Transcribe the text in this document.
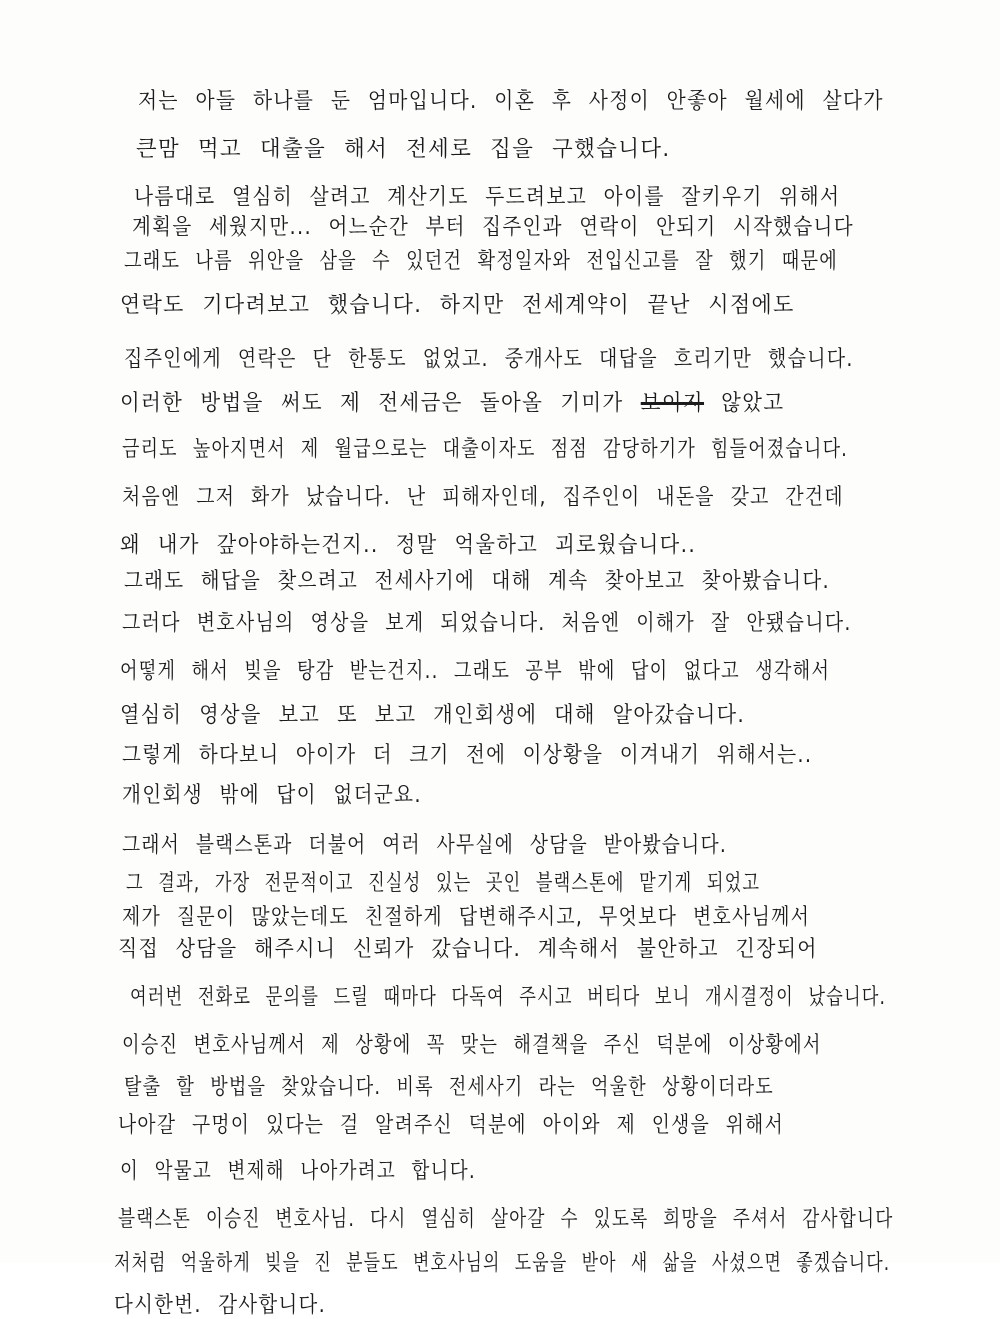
저는 아들 하나를 둔 엄마입니다. 이혼 후 사정이 안좋아 월세에 살다가
큰맘 먹고 대출을 해서 전세로 집을 구했습니다.
나름대로 열심히 살려고 계산기도 두드려보고 아이를 잘키우기 위해서
계획을 세웠지만... 어느순간 부터 집주인과 연락이 안되기 시작했습니다
그래도 나름 위안을 삼을 수 있던건 확정일자와 전입신고를 잘 했기 때문에
연락도 기다려보고 했습니다. 하지만 전세계약이 끝난 시점에도
집주인에게 연락은 단 한통도 없었고. 중개사도 대답을 흐리기만 했습니다.
이러한 방법을 써도 제 전세금은 돌아올 기미가 보이지 않았고
금리도 높아지면서 제 월급으로는 대출이자도 점점 감당하기가 힘들어졌습니다.
처음엔 그저 화가 났습니다. 난 피해자인데, 집주인이 내돈을 갖고 간건데
왜 내가 갚아야하는건지.. 정말 억울하고 괴로웠습니다..
그래도 해답을 찾으려고 전세사기에 대해 계속 찾아보고 찾아봤습니다.
그러다 변호사님의 영상을 보게 되었습니다. 처음엔 이해가 잘 안됐습니다.
어떻게 해서 빚을 탕감 받는건지.. 그래도 공부 밖에 답이 없다고 생각해서
열심히 영상을 보고 또 보고 개인회생에 대해 알아갔습니다.
그렇게 하다보니 아이가 더 크기 전에 이상황을 이겨내기 위해서는..
개인회생 밖에 답이 없더군요.
그래서 블랙스톤과 더불어 여러 사무실에 상담을 받아봤습니다.
그 결과, 가장 전문적이고 진실성 있는 곳인 블랙스톤에 맡기게 되었고
제가 질문이 많았는데도 친절하게 답변해주시고, 무엇보다 변호사님께서
직접 상담을 해주시니 신뢰가 갔습니다. 계속해서 불안하고 긴장되어
여러번 전화로 문의를 드릴 때마다 다독여 주시고 버티다 보니 개시결정이 났습니다.
이승진 변호사님께서 제 상황에 꼭 맞는 해결책을 주신 덕분에 이상황에서
탈출 할 방법을 찾았습니다. 비록 전세사기 라는 억울한 상황이더라도
나아갈 구멍이 있다는 걸 알려주신 덕분에 아이와 제 인생을 위해서
이 악물고 변제해 나아가려고 합니다.
블랙스톤 이승진 변호사님. 다시 열심히 살아갈 수 있도록 희망을 주셔서 감사합니다
저처럼 억울하게 빚을 진 분들도 변호사님의 도움을 받아 새 삶을 사셨으면 좋겠습니다.
다시한번. 감사합니다.
